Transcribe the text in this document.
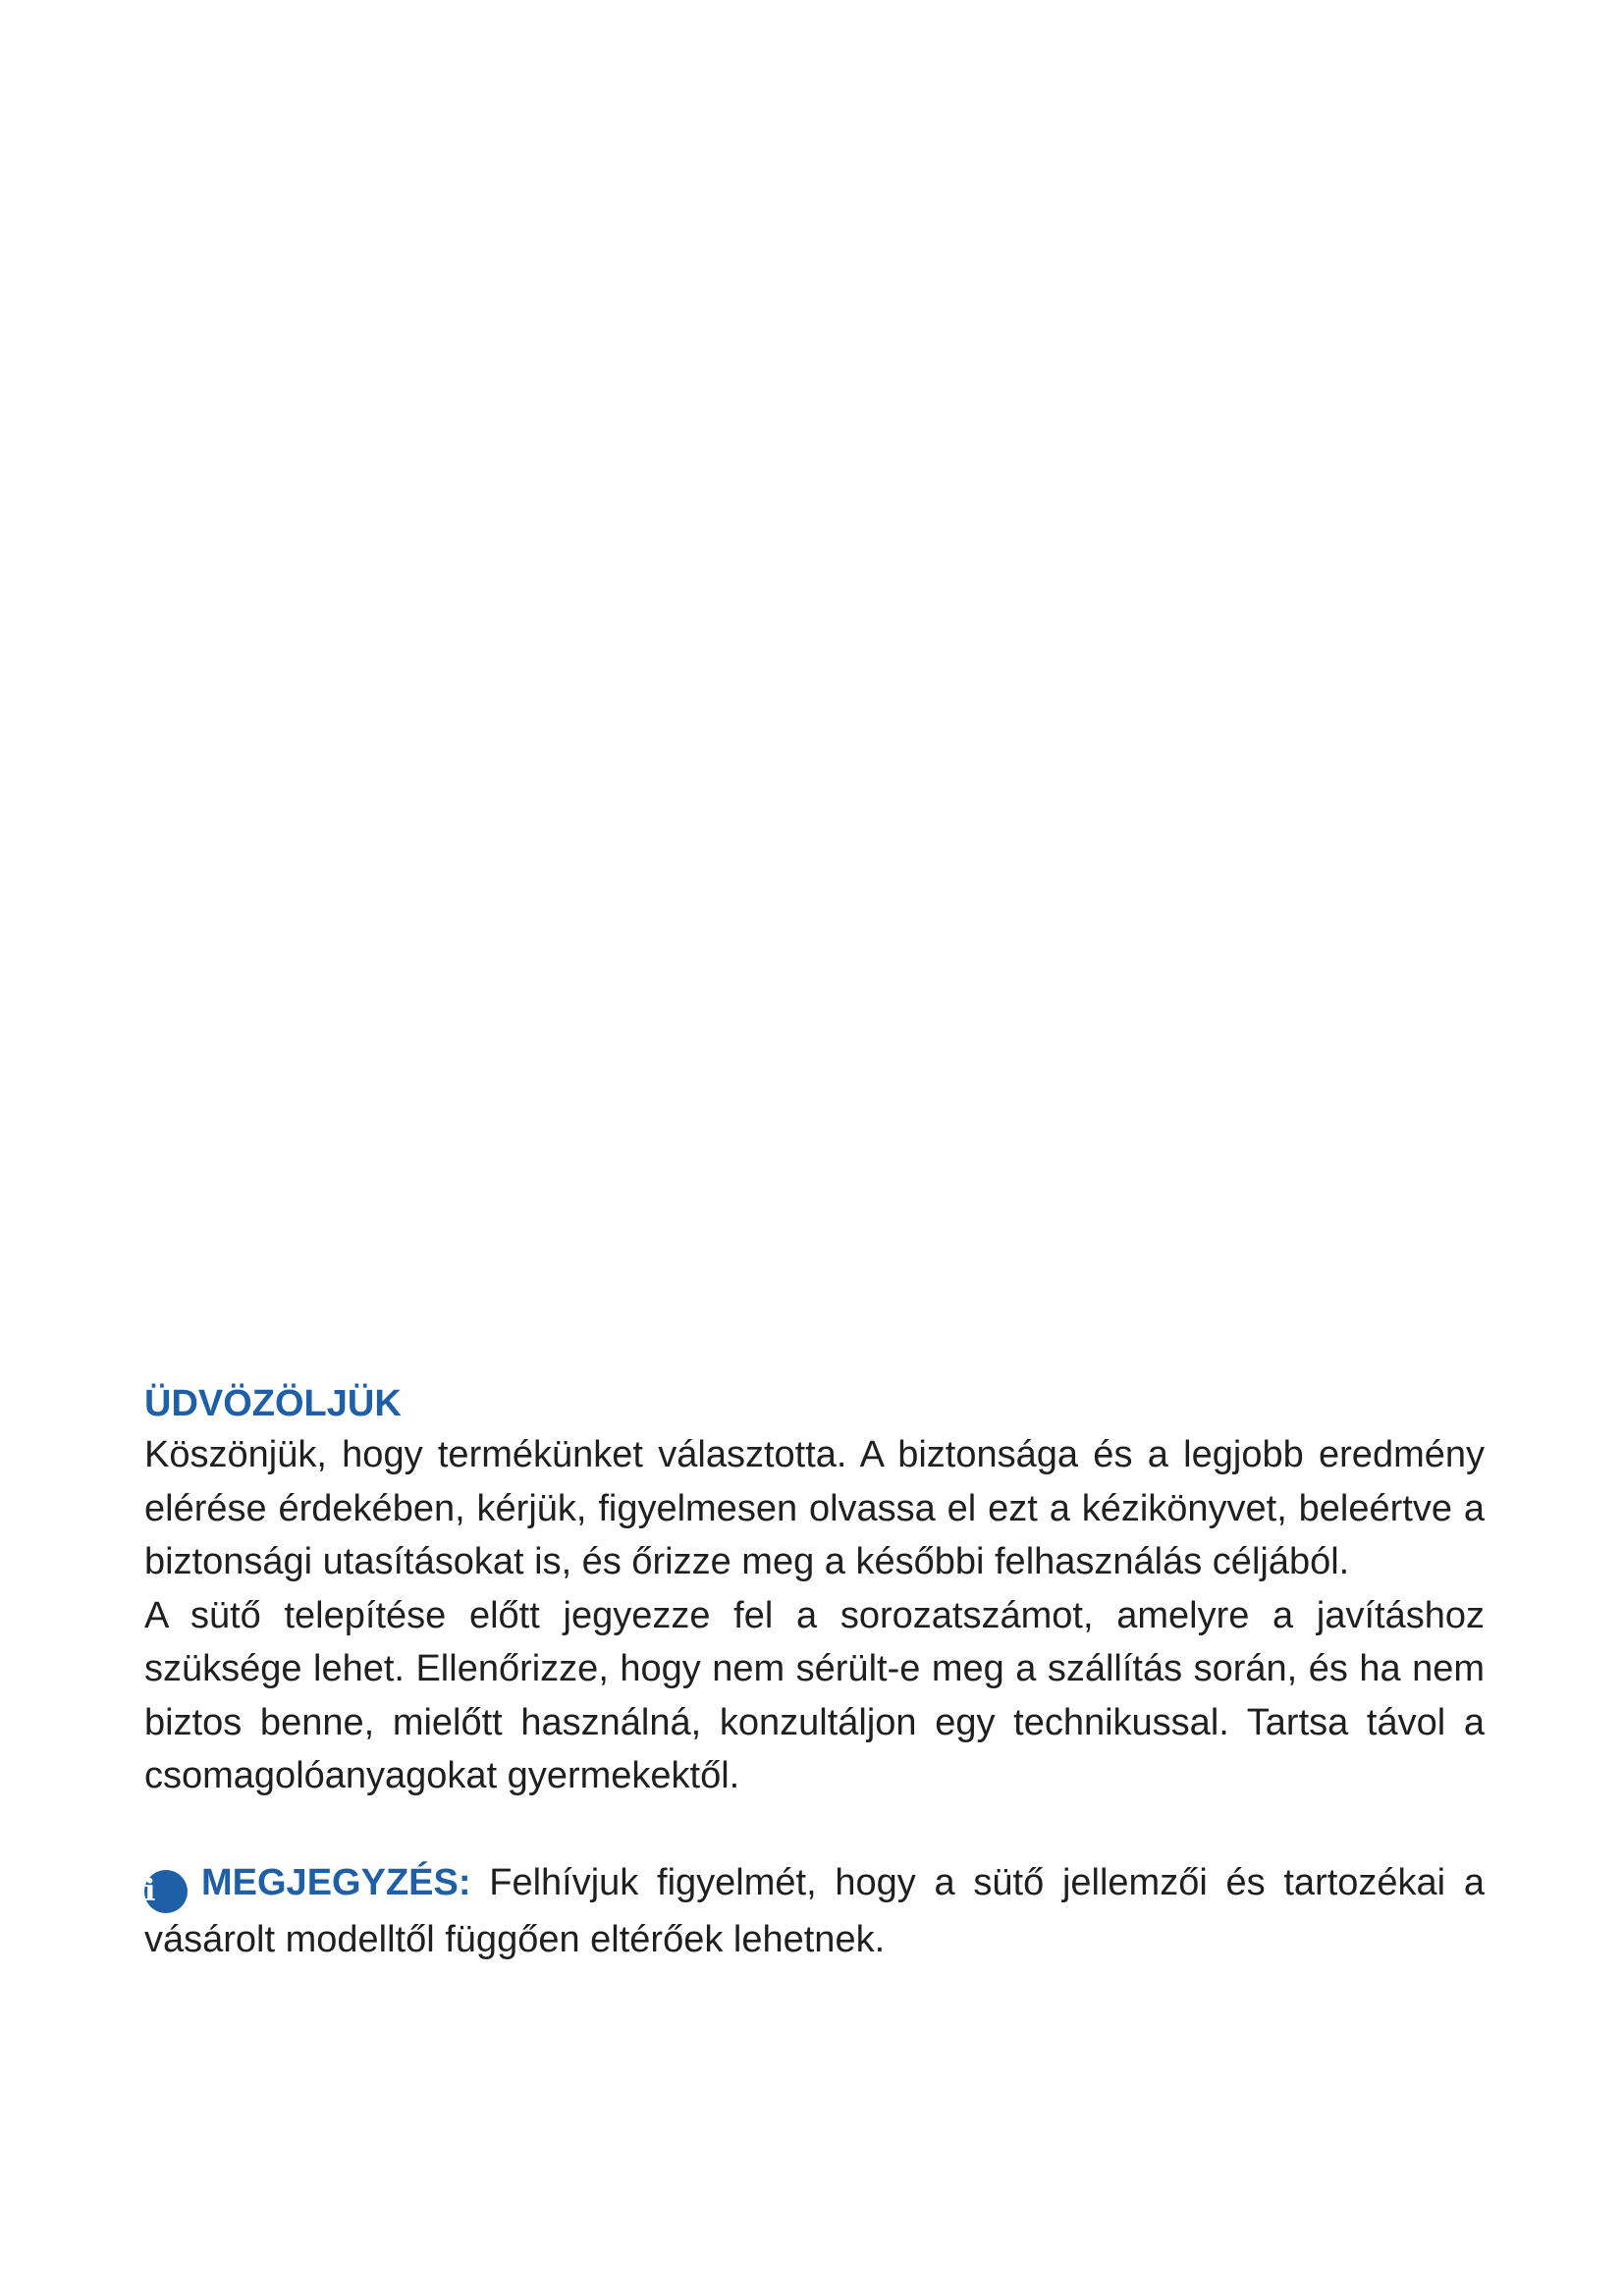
ÜDVÖZÖLJÜK

Köszönjük, hogy termékünket választotta. A biztonsága és a legjobb eredmény elérése érdekében, kérjük, figyelmesen olvassa el ezt a kézikönyvet, beleértve a biztonsági utasításokat is, és őrizze meg a későbbi felhasználás céljából.

A sütő telepítése előtt jegyezze fel a sorozatszámot, amelyre a javításhoz szüksége lehet. Ellenőrizze, hogy nem sérült-e meg a szállítás során, és ha nem biztos benne, mielőtt használná, konzultáljon egy technikussal. Tartsa távol a csomagolóanyagokat gyermekektől.

i MEGJEGYZÉS: Felhívjuk figyelmét, hogy a sütő jellemzői és tartozékai a vásárolt modelltől függően eltérőek lehetnek.
